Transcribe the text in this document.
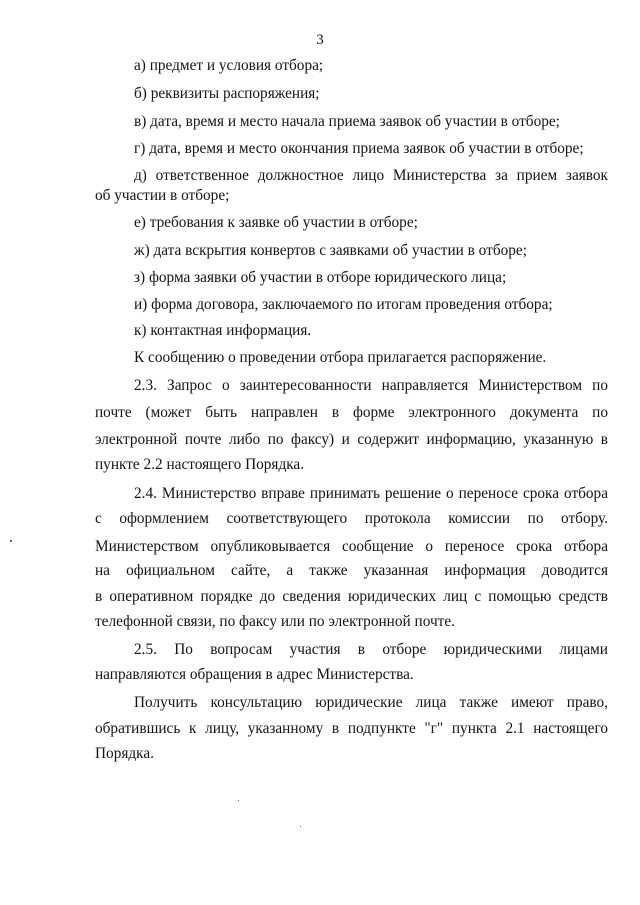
3
а) предмет и условия отбора;
б) реквизиты распоряжения;
в) дата, время и место начала приема заявок об участии в отборе;
г) дата, время и место окончания приема заявок об участии в отборе;
д) ответственное должностное лицо Министерства за прием заявок
об участии в отборе;
е) требования к заявке об участии в отборе;
ж) дата вскрытия конвертов с заявками об участии в отборе;
з) форма заявки об участии в отборе юридического лица;
и) форма договора, заключаемого по итогам проведения отбора;
к) контактная информация.
К сообщению о проведении отбора прилагается распоряжение.
2.3. Запрос о заинтересованности направляется Министерством по
почте (может быть направлен в форме электронного документа по
электронной почте либо по факсу) и содержит информацию, указанную в
пункте 2.2 настоящего Порядка.
2.4. Министерство вправе принимать решение о переносе срока отбора
с оформлением соответствующего протокола комиссии по отбору.
Министерством опубликовывается сообщение о переносе срока отбора
на официальном сайте, а также указанная информация доводится
в оперативном порядке до сведения юридических лиц с помощью средств
телефонной связи, по факсу или по электронной почте.
2.5. По вопросам участия в отборе юридическими лицами
направляются обращения в адрес Министерства.
Получить консультацию юридические лица также имеют право,
обратившись к лицу, указанному в подпункте "г" пункта 2.1 настоящего
Порядка.
